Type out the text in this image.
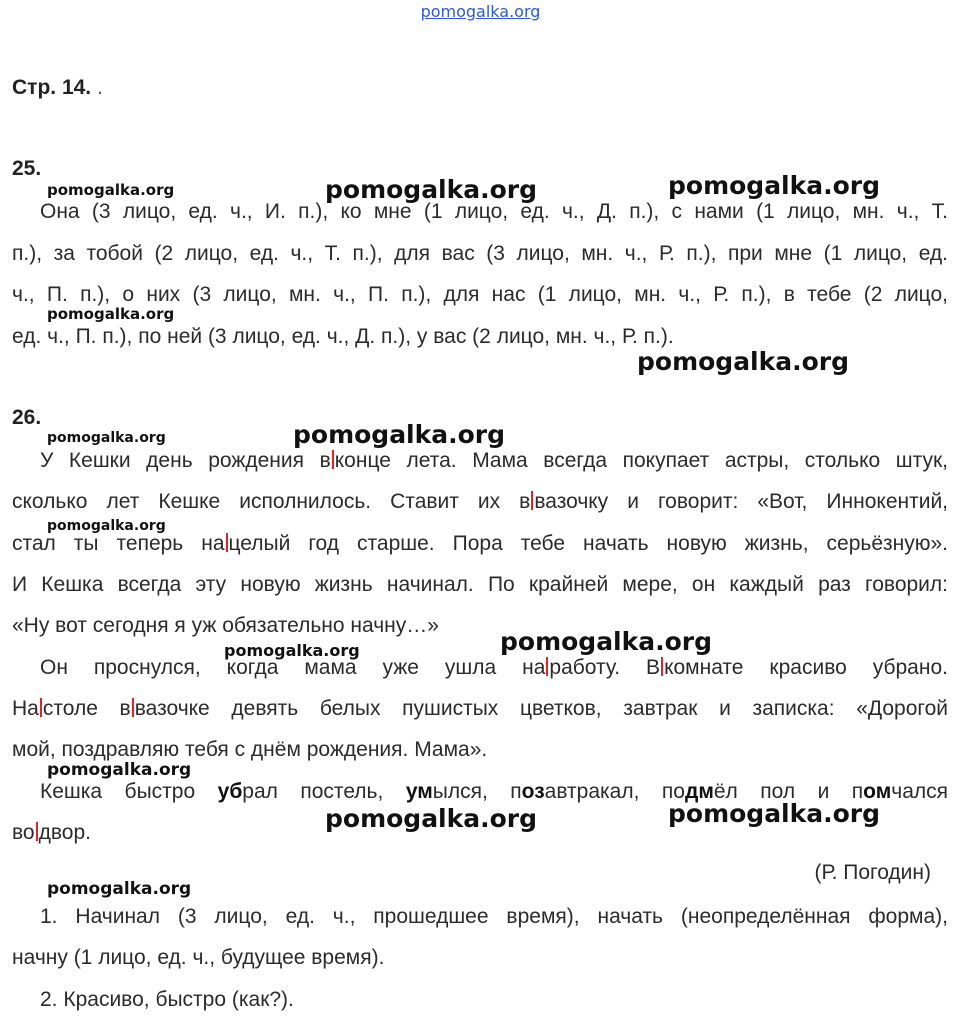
pomogalka.org
Стр. 14. .
25.
Она (3 лицо, ед. ч., И. п.), ко мне (1 лицо, ед. ч., Д. п.), с нами (1 лицо, мн. ч., Т.
п.), за тобой (2 лицо, ед. ч., Т. п.), для вас (3 лицо, мн. ч., Р. п.), при мне (1 лицо, ед.
ч., П. п.), о них (3 лицо, мн. ч., П. п.), для нас (1 лицо, мн. ч., Р. п.), в тебе (2 лицо,
ед. ч., П. п.), по ней (3 лицо, ед. ч., Д. п.), у вас (2 лицо, мн. ч., Р. п.).
26.
У Кешки день рождения в конце лета. Мама всегда покупает астры, столько штук,
сколько лет Кешке исполнилось. Ставит их в вазочку и говорит: «Вот, Иннокентий,
стал ты теперь на целый год старше. Пора тебе начать новую жизнь, серьёзную».
И Кешка всегда эту новую жизнь начинал. По крайней мере, он каждый раз говорил:
«Ну вот сегодня я уж обязательно начну…»
Он проснулся, когда мама уже ушла на работу. В комнате красиво убрано.
На столе в вазочке девять белых пушистых цветков, завтрак и записка: «Дорогой
мой, поздравляю тебя с днём рождения. Мама».
Кешка быстро убрал постель, умылся, позавтракал, подмёл пол и помчался
во двор.
(Р. Погодин)
1. Начинал (3 лицо, ед. ч., прошедшее время), начать (неопределённая форма),
начну (1 лицо, ед. ч., будущее время).
2. Красиво, быстро (как?).
pomogalka.org	pomogalka.org
pomogalka.org
pomogalka.org
pomogalka.org
pomogalka.org	pomogalka.org
pomogalka.org
pomogalka.org
pomogalka.org
pomogalka.org
pomogalka.org
pomogalka.org
pomogalka.org
